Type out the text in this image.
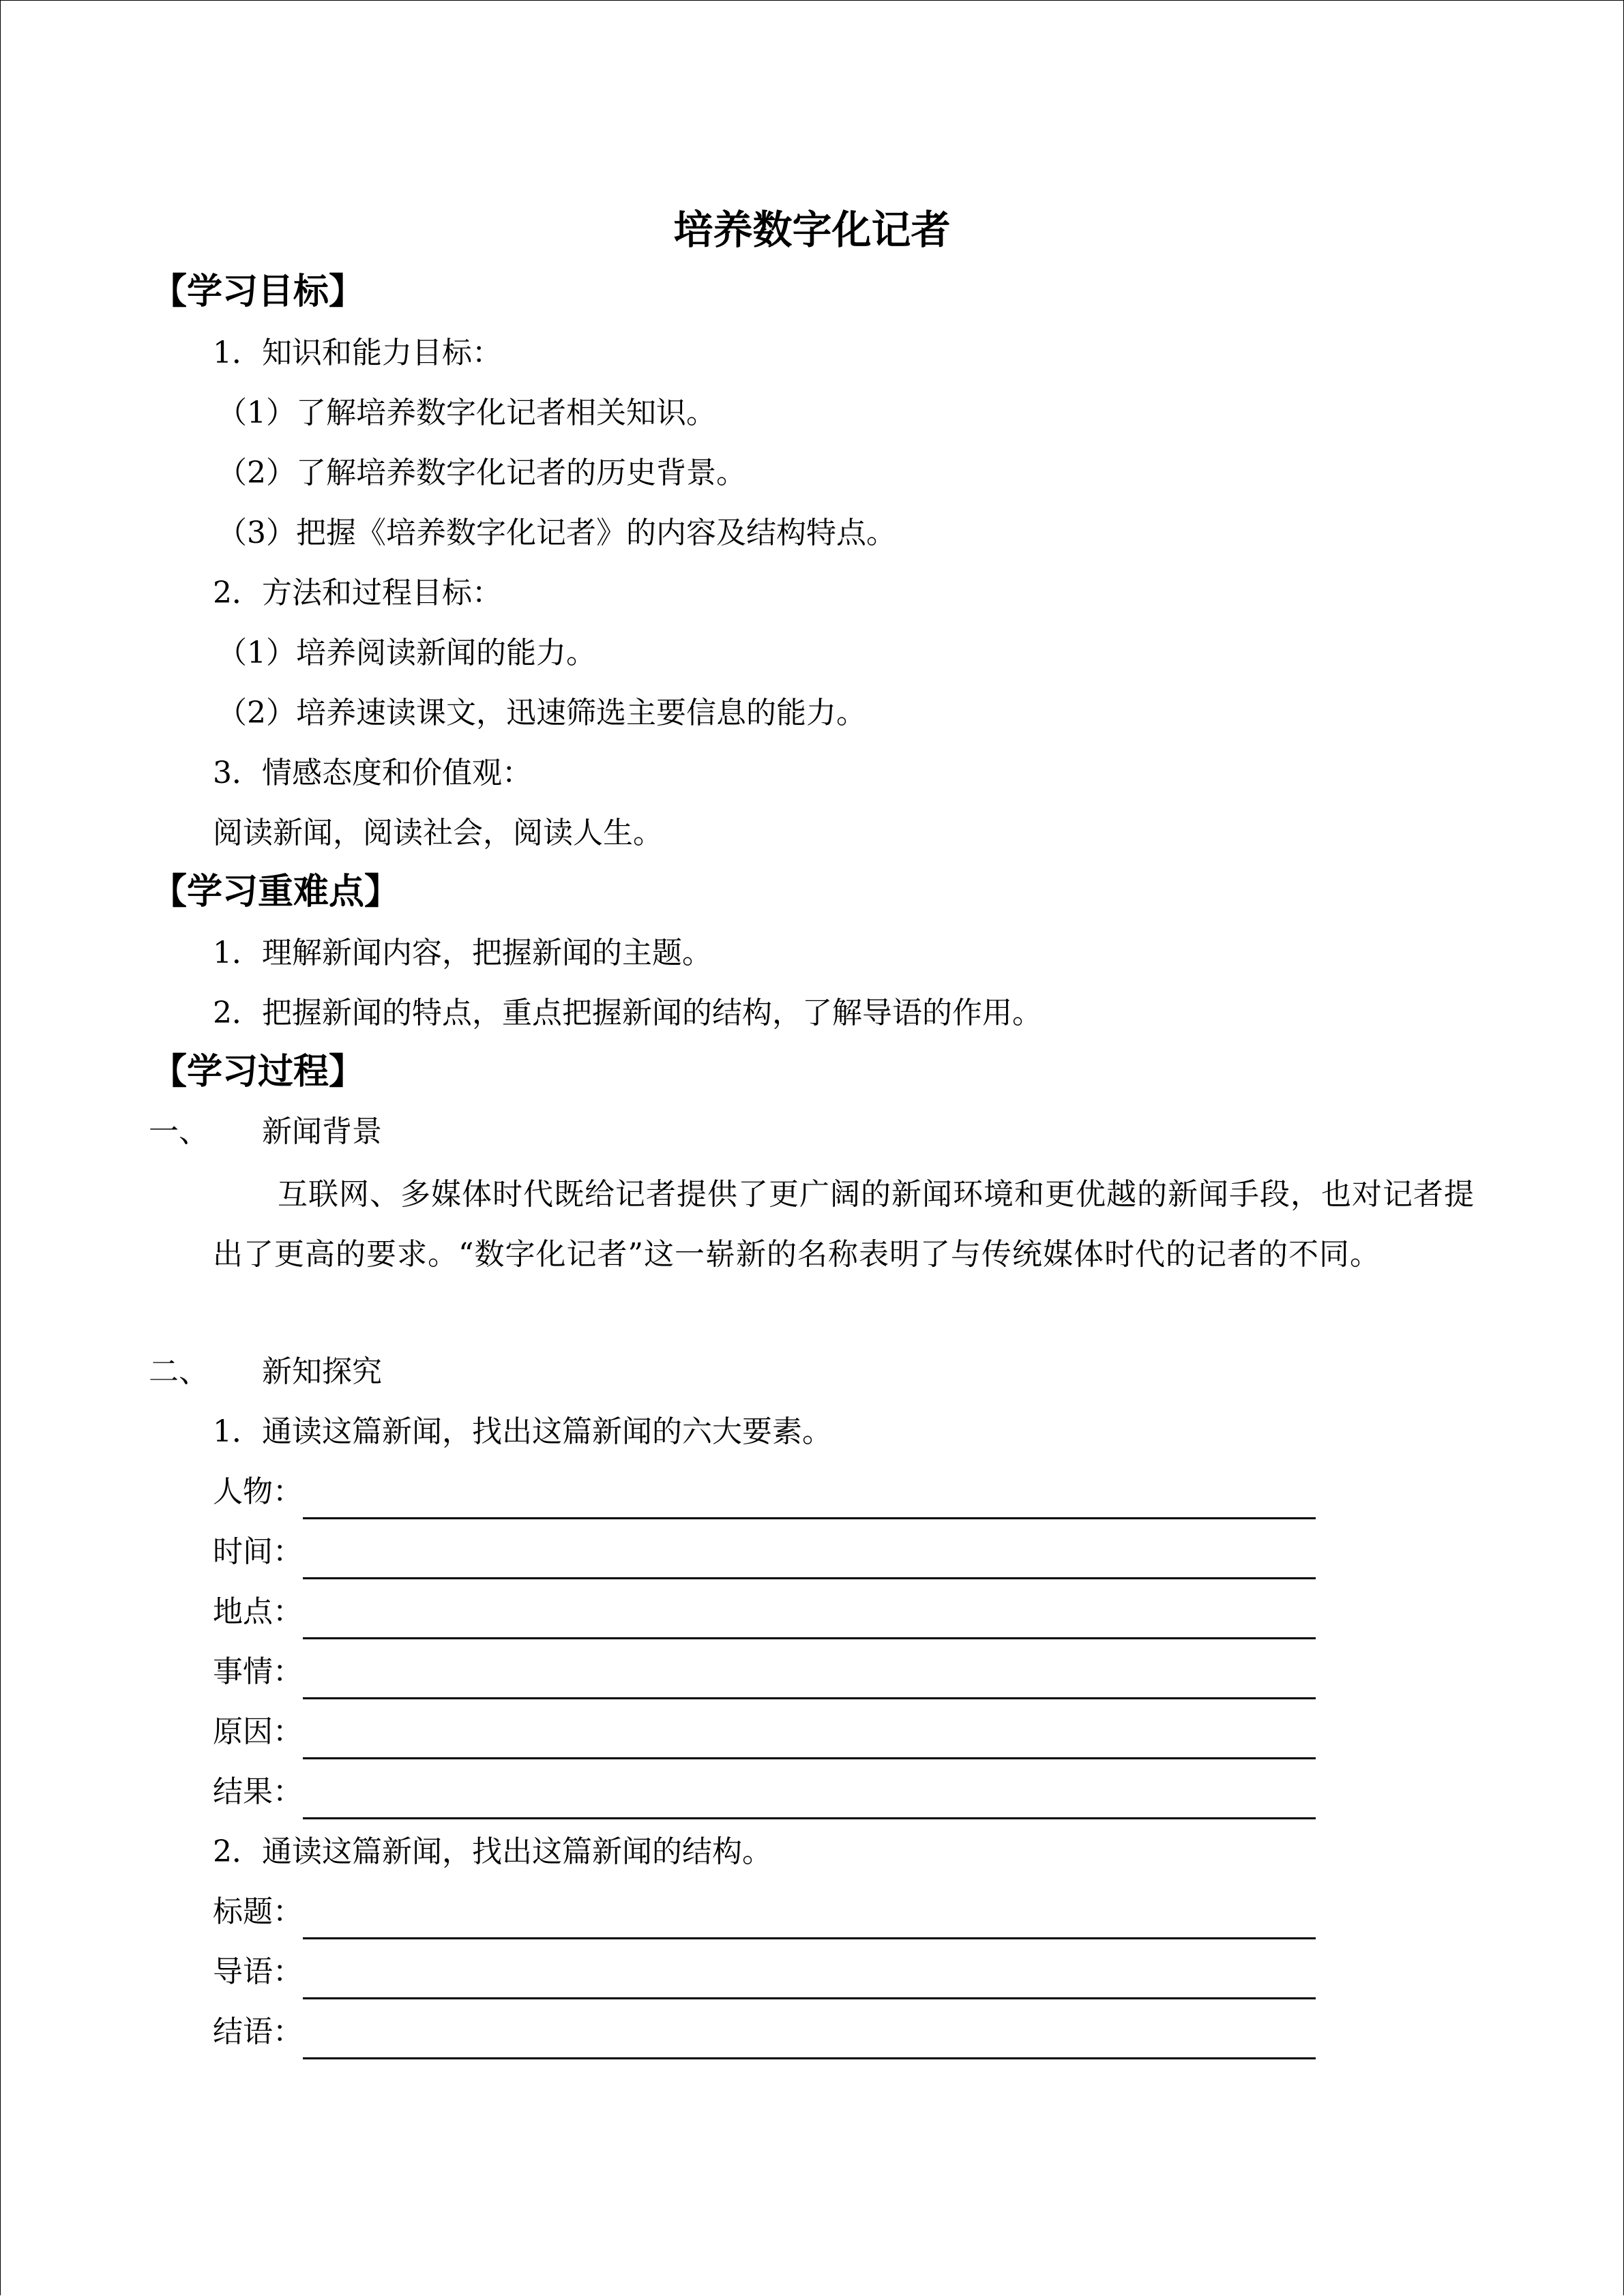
培养数字化记者
【学习目标】
1．知识和能力目标：
（1）了解培养数字化记者相关知识。
（2）了解培养数字化记者的历史背景。
（3）把握《培养数字化记者》的内容及结构特点。
2．方法和过程目标：
（1）培养阅读新闻的能力。
（2）培养速读课文，迅速筛选主要信息的能力。
3．情感态度和价值观：
阅读新闻，阅读社会，阅读人生。
【学习重难点】
1．理解新闻内容，把握新闻的主题。
2．把握新闻的特点，重点把握新闻的结构，了解导语的作用。
【学习过程】
一、 新闻背景
互联网、多媒体时代既给记者提供了更广阔的新闻环境和更优越的新闻手段，也对记者提出了更高的要求。“数字化记者”这一崭新的名称表明了与传统媒体时代的记者的不同。
二、 新知探究
1．通读这篇新闻，找出这篇新闻的六大要素。
人物：
时间：
地点：
事情：
原因：
结果：
2．通读这篇新闻，找出这篇新闻的结构。
标题：
导语：
结语：
